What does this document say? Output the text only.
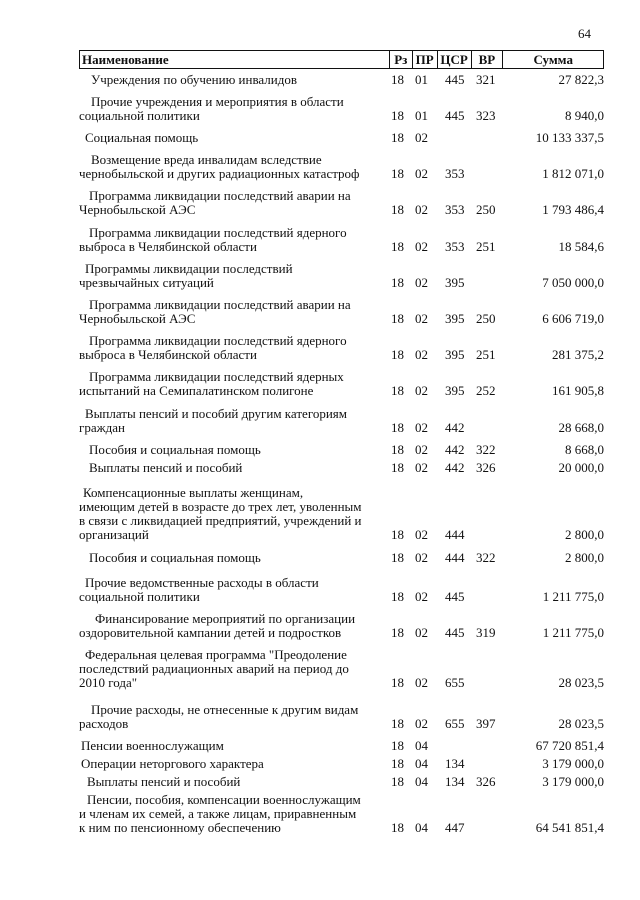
64
Наименование	Рз ПР ЦСР ВР	Сумма
Учреждения по обучению инвалидов	18 01 445 321	27 822,3
Прочие учреждения и мероприятия в области
социальной политики	18 01 445 323	8 940,0
Социальная помощь	18 02	10 133 337,5
Возмещение вреда инвалидам вследствие
чернобыльской и других радиационных катастроф	18 02 353	1 812 071,0
Программа ликвидации последствий аварии на
Чернобыльской АЭС	18 02 353 250	1 793 486,4
Программа ликвидации последствий ядерного
выброса в Челябинской области	18 02 353 251	18 584,6
Программы ликвидации последствий
чрезвычайных ситуаций	18 02 395	7 050 000,0
Программа ликвидации последствий аварии на
Чернобыльской АЭС	18 02 395 250	6 606 719,0
Программа ликвидации последствий ядерного
выброса в Челябинской области	18 02 395 251	281 375,2
Программа ликвидации последствий ядерных
испытаний на Семипалатинском полигоне	18 02 395 252	161 905,8
Выплаты пенсий и пособий другим категориям
граждан	18 02 442	28 668,0
Пособия и социальная помощь	18 02 442 322	8 668,0
Выплаты пенсий и пособий	18 02 442 326	20 000,0
Компенсационные выплаты женщинам,
имеющим детей в возрасте до трех лет, уволенным
в связи с ликвидацией предприятий, учреждений и
организаций	18 02 444	2 800,0
Пособия и социальная помощь	18 02 444 322	2 800,0
Прочие ведомственные расходы в области
социальной политики	18 02 445	1 211 775,0
Финансирование мероприятий по организации
оздоровительной кампании детей и подростков	18 02 445 319	1 211 775,0
Федеральная целевая программа "Преодоление
последствий радиационных аварий на период до
2010 года"	18 02 655	28 023,5
Прочие расходы, не отнесенные к другим видам
расходов	18 02 655 397	28 023,5
Пенсии военнослужащим	18 04	67 720 851,4
Операции неторгового характера	18 04 134	3 179 000,0
Выплаты пенсий и пособий	18 04 134 326	3 179 000,0
Пенсии, пособия, компенсации военнослужащим
и членам их семей, а также лицам, приравненным
к ним по пенсионному обеспечению	18 04 447	64 541 851,4
